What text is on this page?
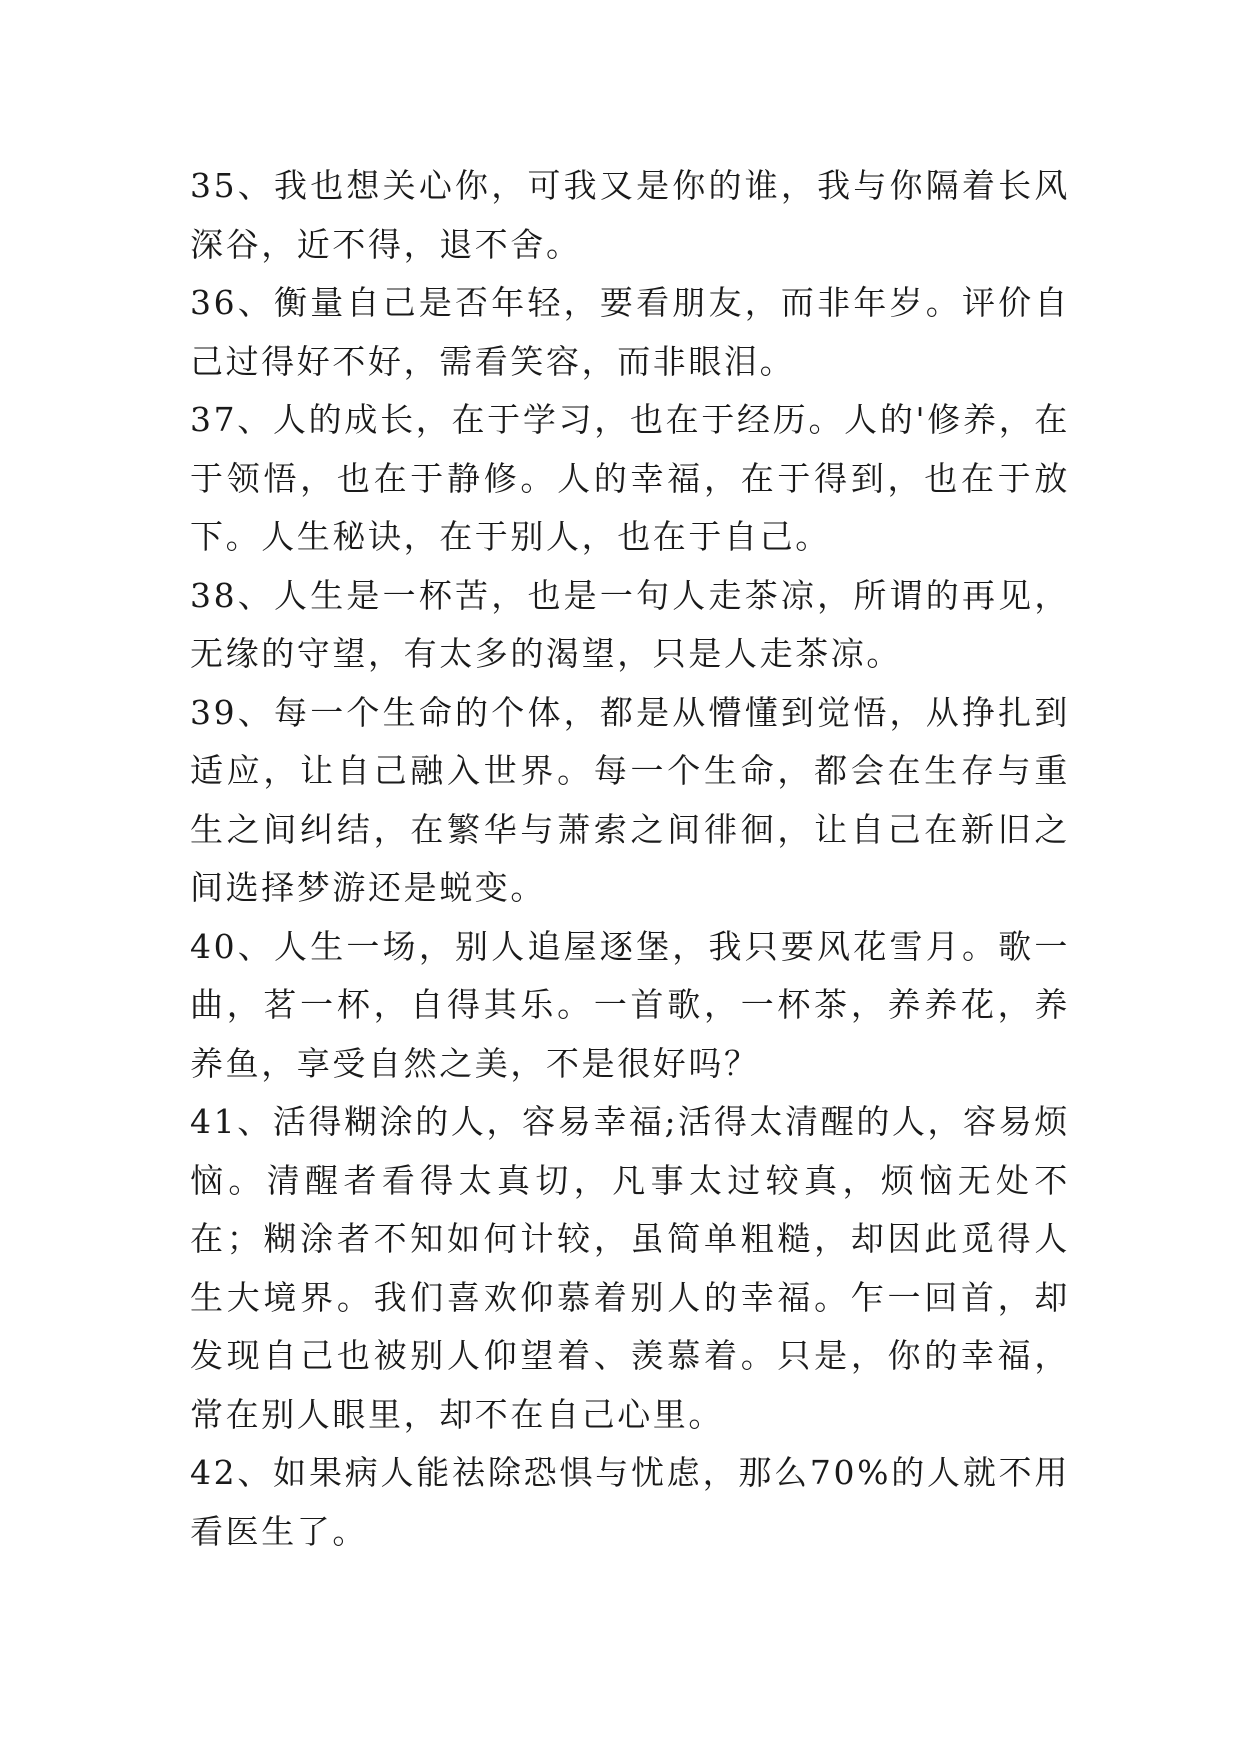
35、我也想关心你，可我又是你的谁，我与你隔着长风深谷，近不得，退不舍。

36、衡量自己是否年轻，要看朋友，而非年岁。评价自己过得好不好，需看笑容，而非眼泪。

37、人的成长，在于学习，也在于经历。人的'修养，在于领悟，也在于静修。人的幸福，在于得到，也在于放下。人生秘诀，在于别人，也在于自己。

38、人生是一杯苦，也是一句人走茶凉，所谓的再见，无缘的守望，有太多的渴望，只是人走茶凉。

39、每一个生命的个体，都是从懵懂到觉悟，从挣扎到适应，让自己融入世界。每一个生命，都会在生存与重生之间纠结，在繁华与萧索之间徘徊，让自己在新旧之间选择梦游还是蜕变。

40、人生一场，别人追屋逐堡，我只要风花雪月。歌一曲，茗一杯，自得其乐。一首歌，一杯茶，养养花，养养鱼，享受自然之美，不是很好吗？

41、活得糊涂的人，容易幸福;活得太清醒的人，容易烦恼。清醒者看得太真切，凡事太过较真，烦恼无处不在；糊涂者不知如何计较，虽简单粗糙，却因此觅得人生大境界。我们喜欢仰慕着别人的幸福。乍一回首，却发现自己也被别人仰望着、羡慕着。只是，你的幸福，常在别人眼里，却不在自己心里。

42、如果病人能祛除恐惧与忧虑，那么70%的人就不用看医生了。
